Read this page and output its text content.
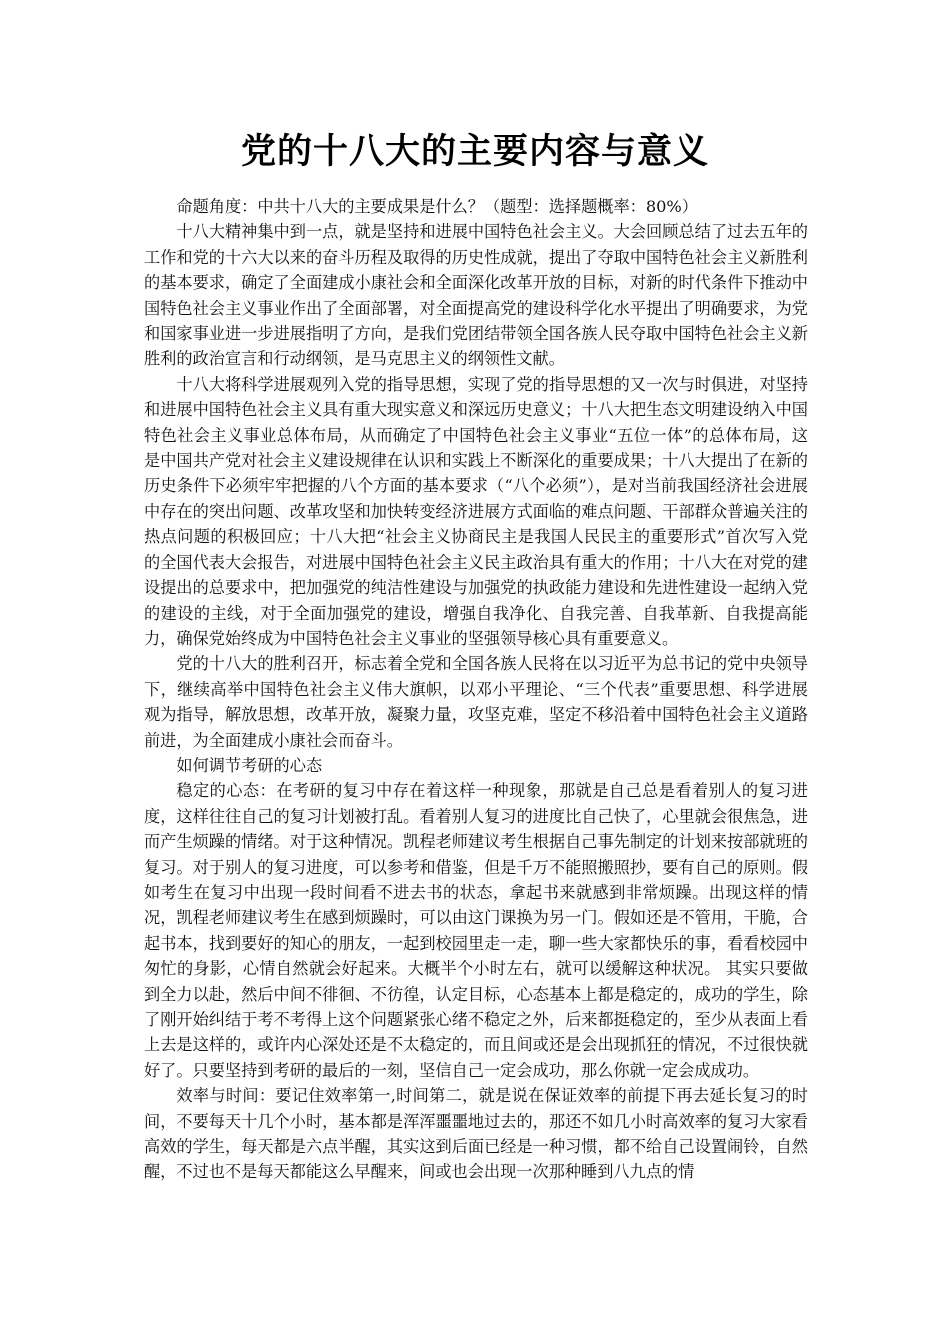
党的十八大的主要内容与意义

命题角度：中共十八大的主要成果是什么？（题型：选择题概率：80%）

十八大精神集中到一点，就是坚持和进展中国特色社会主义。大会回顾总结了过去五年的工作和党的十六大以来的奋斗历程及取得的历史性成就，提出了夺取中国特色社会主义新胜利的基本要求，确定了全面建成小康社会和全面深化改革开放的目标，对新的时代条件下推动中国特色社会主义事业作出了全面部署，对全面提高党的建设科学化水平提出了明确要求，为党和国家事业进一步进展指明了方向，是我们党团结带领全国各族人民夺取中国特色社会主义新胜利的政治宣言和行动纲领，是马克思主义的纲领性文献。

十八大将科学进展观列入党的指导思想，实现了党的指导思想的又一次与时俱进，对坚持和进展中国特色社会主义具有重大现实意义和深远历史意义；十八大把生态文明建设纳入中国特色社会主义事业总体布局，从而确定了中国特色社会主义事业“五位一体”的总体布局，这是中国共产党对社会主义建设规律在认识和实践上不断深化的重要成果；十八大提出了在新的历史条件下必须牢牢把握的八个方面的基本要求（“八个必须”），是对当前我国经济社会进展中存在的突出问题、改革攻坚和加快转变经济进展方式面临的难点问题、干部群众普遍关注的热点问题的积极回应；十八大把“社会主义协商民主是我国人民民主的重要形式”首次写入党的全国代表大会报告，对进展中国特色社会主义民主政治具有重大的作用；十八大在对党的建设提出的总要求中，把加强党的纯洁性建设与加强党的执政能力建设和先进性建设一起纳入党的建设的主线，对于全面加强党的建设，增强自我净化、自我完善、自我革新、自我提高能力，确保党始终成为中国特色社会主义事业的坚强领导核心具有重要意义。

党的十八大的胜利召开，标志着全党和全国各族人民将在以习近平为总书记的党中央领导下，继续高举中国特色社会主义伟大旗帜，以邓小平理论、“三个代表”重要思想、科学进展观为指导，解放思想，改革开放，凝聚力量，攻坚克难，坚定不移沿着中国特色社会主义道路前进，为全面建成小康社会而奋斗。

如何调节考研的心态

稳定的心态：在考研的复习中存在着这样一种现象，那就是自己总是看着别人的复习进度，这样往往自己的复习计划被打乱。看着别人复习的进度比自己快了，心里就会很焦急，进而产生烦躁的情绪。对于这种情况。凯程老师建议考生根据自己事先制定的计划来按部就班的复习。对于别人的复习进度，可以参考和借鉴，但是千万不能照搬照抄，要有自己的原则。假如考生在复习中出现一段时间看不进去书的状态，拿起书来就感到非常烦躁。出现这样的情况，凯程老师建议考生在感到烦躁时，可以由这门课换为另一门。假如还是不管用，干脆，合起书本，找到要好的知心的朋友，一起到校园里走一走，聊一些大家都快乐的事，看看校园中匆忙的身影，心情自然就会好起来。大概半个小时左右，就可以缓解这种状况。 其实只要做到全力以赴，然后中间不徘徊、不彷徨，认定目标，心态基本上都是稳定的，成功的学生，除了刚开始纠结于考不考得上这个问题紧张心绪不稳定之外，后来都挺稳定的，至少从表面上看上去是这样的，或许内心深处还是不太稳定的，而且间或还是会出现抓狂的情况，不过很快就好了。只要坚持到考研的最后的一刻，坚信自己一定会成功，那么你就一定会成成功。

效率与时间：要记住效率第一,时间第二，就是说在保证效率的前提下再去延长复习的时间，不要每天十几个小时，基本都是浑浑噩噩地过去的，那还不如几小时高效率的复习大家看高效的学生，每天都是六点半醒，其实这到后面已经是一种习惯，都不给自己设置闹铃，自然醒，不过也不是每天都能这么早醒来，间或也会出现一次那种睡到八九点的情
